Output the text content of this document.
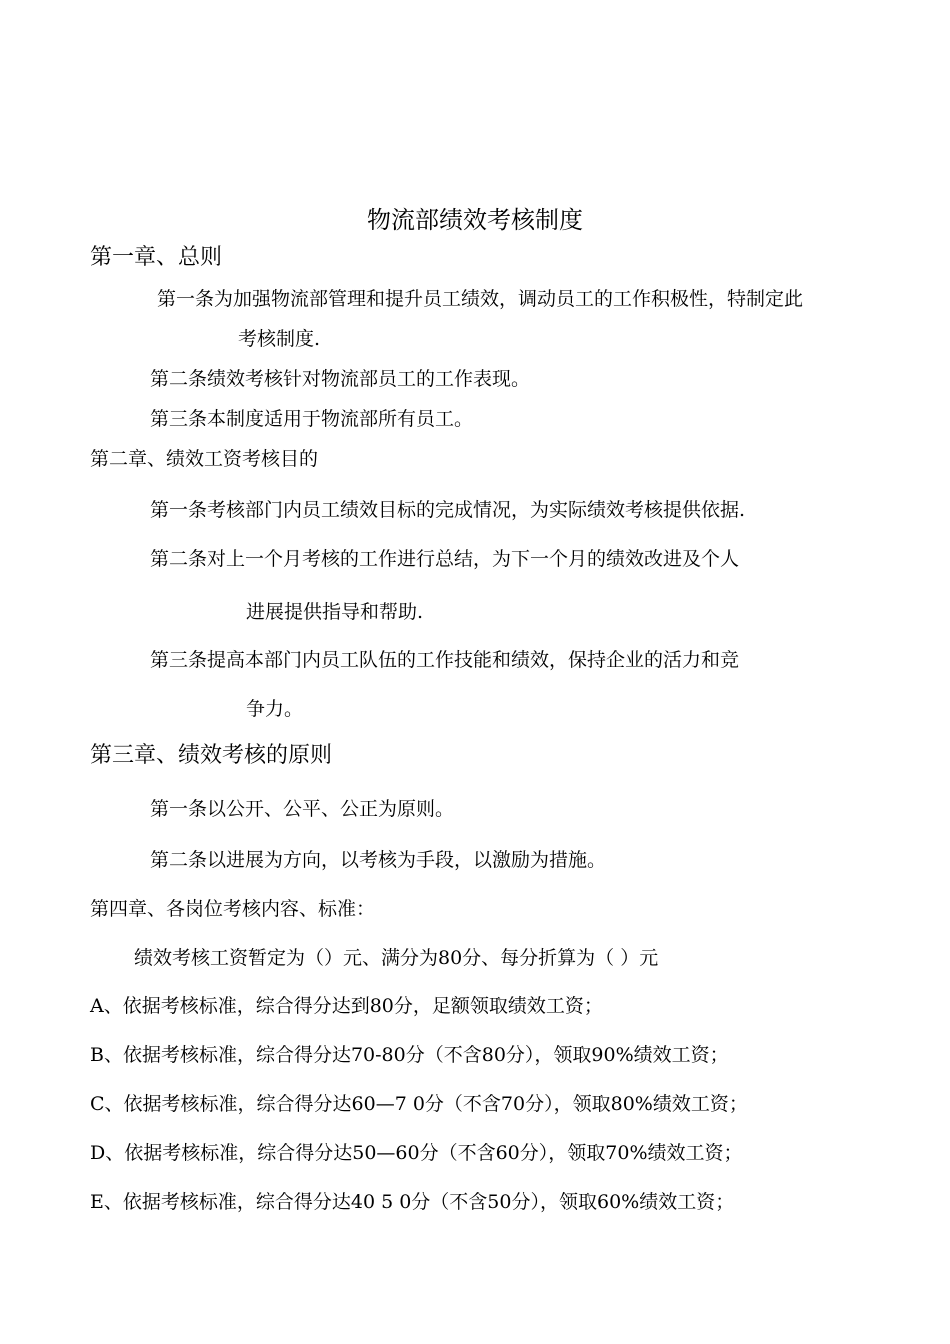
物流部绩效考核制度
第一章、总则
第一条为加强物流部管理和提升员工绩效，调动员工的工作积极性，特制定此
考核制度.
第二条绩效考核针对物流部员工的工作表现。
第三条本制度适用于物流部所有员工。
第二章、绩效工资考核目的
第一条考核部门内员工绩效目标的完成情况，为实际绩效考核提供依据.
第二条对上一个月考核的工作进行总结，为下一个月的绩效改进及个人
进展提供指导和帮助.
第三条提高本部门内员工队伍的工作技能和绩效，保持企业的活力和竞
争力。
第三章、绩效考核的原则
第一条以公开、公平、公正为原则。
第二条以进展为方向，以考核为手段，以激励为措施。
第四章、各岗位考核内容、标准：
绩效考核工资暂定为（）元、满分为80分、每分折算为（ ）元
A、依据考核标准，综合得分达到80分，足额领取绩效工资；
B、依据考核标准，综合得分达70-80分（不含80分），领取90%绩效工资；
C、依据考核标准，综合得分达60—7 0分（不含70分），领取80%绩效工资；
D、依据考核标准，综合得分达50—60分（不含60分），领取70%绩效工资；
E、依据考核标准，综合得分达40 5 0分（不含50分），领取60%绩效工资；
